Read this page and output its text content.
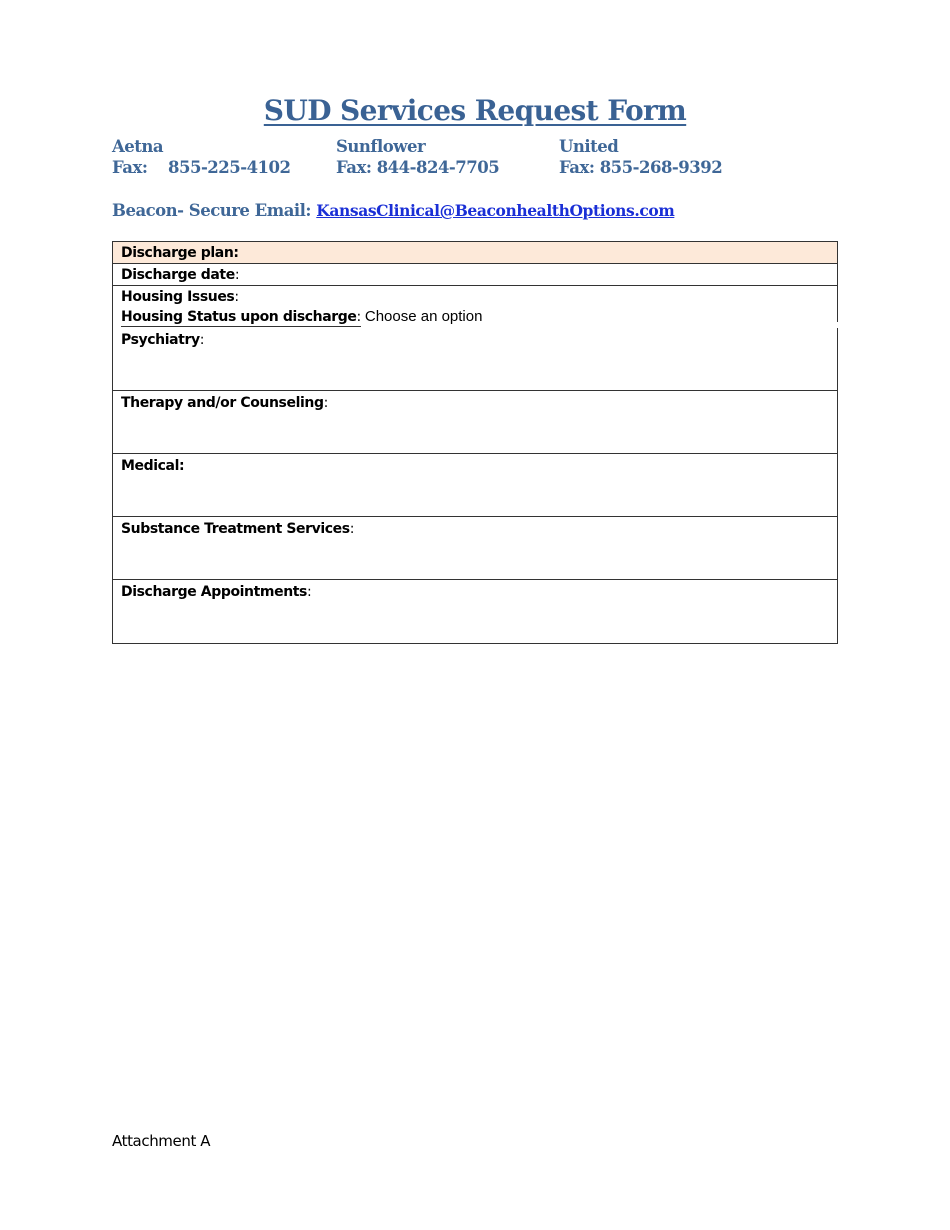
SUD Services Request Form
Aetna
Fax: 855-225-4102
Sunflower
Fax: 844-824-7705
United
Fax: 855-268-9392
Beacon- Secure Email: KansasClinical@BeaconhealthOptions.com
Discharge plan:
Discharge date:
Housing Issues:
Housing Status upon discharge: Choose an option
Psychiatry:
Therapy and/or Counseling:
Medical:
Substance Treatment Services:
Discharge Appointments:
Attachment A
